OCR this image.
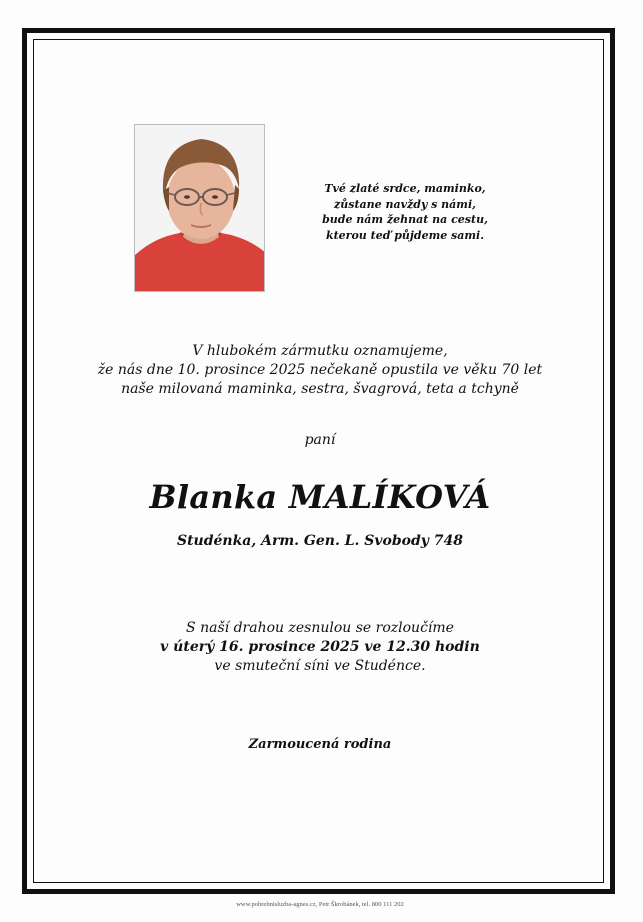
Tvé zlaté srdce, maminko,
zůstane navždy s námi,
bude nám žehnat na cestu,
kterou teď půjdeme sami.
V hlubokém zármutku oznamujeme,
že nás dne 10. prosince 2025 nečekaně opustila ve věku 70 let
naše milovaná maminka, sestra, švagrová, teta a tchyně
paní
Blanka MALÍKOVÁ
Studénka, Arm. Gen. L. Svobody 748
S naší drahou zesnulou se rozloučíme
v úterý 16. prosince 2025 ve 12.30 hodin
ve smuteční síni ve Studénce.
Zarmoucená rodina
www.pohrebnisluzba-agnes.cz, Petr Škrobánek, tel. 800 111 202
